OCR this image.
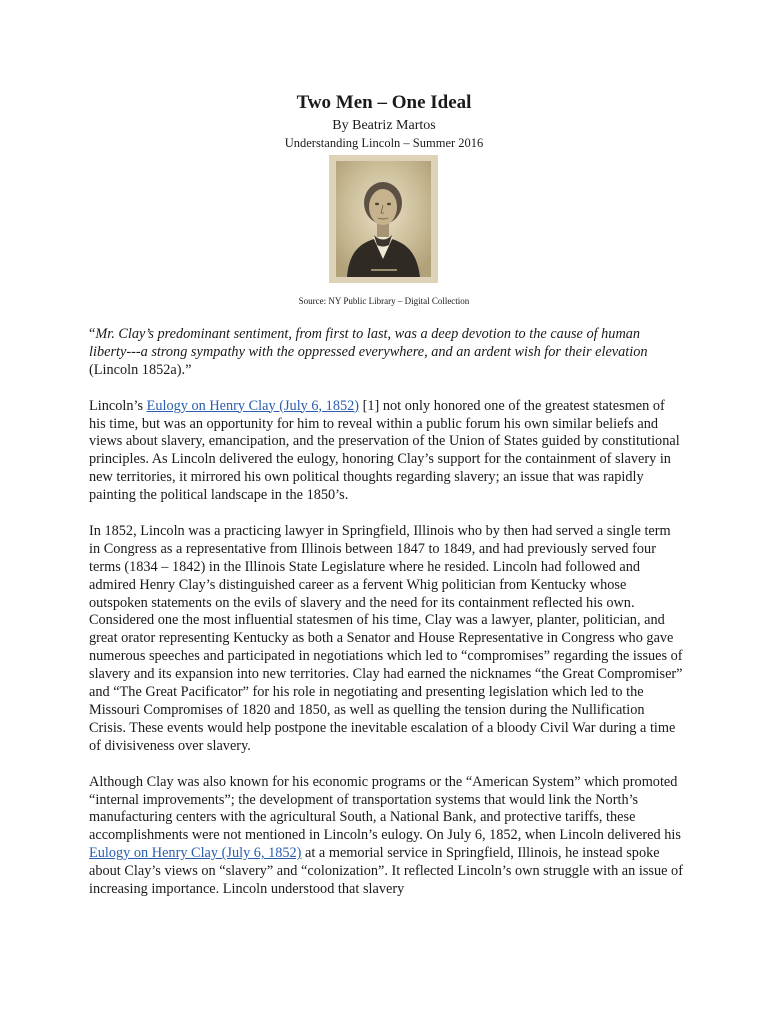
Two Men – One Ideal
By Beatriz Martos
Understanding Lincoln – Summer 2016
Source: NY Public Library – Digital Collection

“Mr. Clay’s predominant sentiment, from first to last, was a deep devotion to the cause of human liberty---a strong sympathy with the oppressed everywhere, and an ardent wish for their elevation (Lincoln 1852a).”

Lincoln’s Eulogy on Henry Clay (July 6, 1852) [1] not only honored one of the greatest statesmen of his time, but was an opportunity for him to reveal within a public forum his own similar beliefs and views about slavery, emancipation, and the preservation of the Union of States guided by constitutional principles. As Lincoln delivered the eulogy, honoring Clay’s support for the containment of slavery in new territories, it mirrored his own political thoughts regarding slavery; an issue that was rapidly painting the political landscape in the 1850’s.

In 1852, Lincoln was a practicing lawyer in Springfield, Illinois who by then had served a single term in Congress as a representative from Illinois between 1847 to 1849, and had previously served four terms (1834 – 1842) in the Illinois State Legislature where he resided. Lincoln had followed and admired Henry Clay’s distinguished career as a fervent Whig politician from Kentucky whose outspoken statements on the evils of slavery and the need for its containment reflected his own. Considered one the most influential statesmen of his time, Clay was a lawyer, planter, politician, and great orator representing Kentucky as both a Senator and House Representative in Congress who gave numerous speeches and participated in negotiations which led to “compromises” regarding the issues of slavery and its expansion into new territories. Clay had earned the nicknames “the Great Compromiser” and “The Great Pacificator” for his role in negotiating and presenting legislation which led to the Missouri Compromises of 1820 and 1850, as well as quelling the tension during the Nullification Crisis. These events would help postpone the inevitable escalation of a bloody Civil War during a time of divisiveness over slavery.

Although Clay was also known for his economic programs or the “American System” which promoted “internal improvements”; the development of transportation systems that would link the North’s manufacturing centers with the agricultural South, a National Bank, and protective tariffs, these accomplishments were not mentioned in Lincoln’s eulogy. On July 6, 1852, when Lincoln delivered his Eulogy on Henry Clay (July 6, 1852) at a memorial service in Springfield, Illinois, he instead spoke about Clay’s views on “slavery” and “colonization”. It reflected Lincoln’s own struggle with an issue of increasing importance. Lincoln understood that slavery
